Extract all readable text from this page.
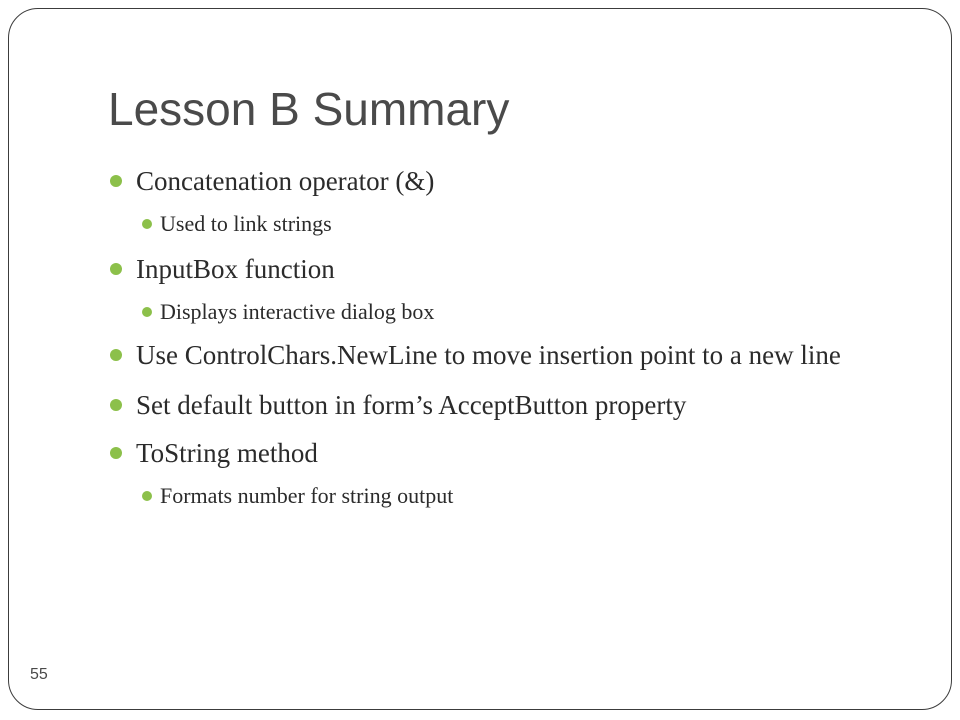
Lesson B Summary
Concatenation operator (&)
Used to link strings
InputBox function
Displays interactive dialog box
Use ControlChars.NewLine to move insertion point to a new line
Set default button in form’s AcceptButton property
ToString method
Formats number for string output
55
